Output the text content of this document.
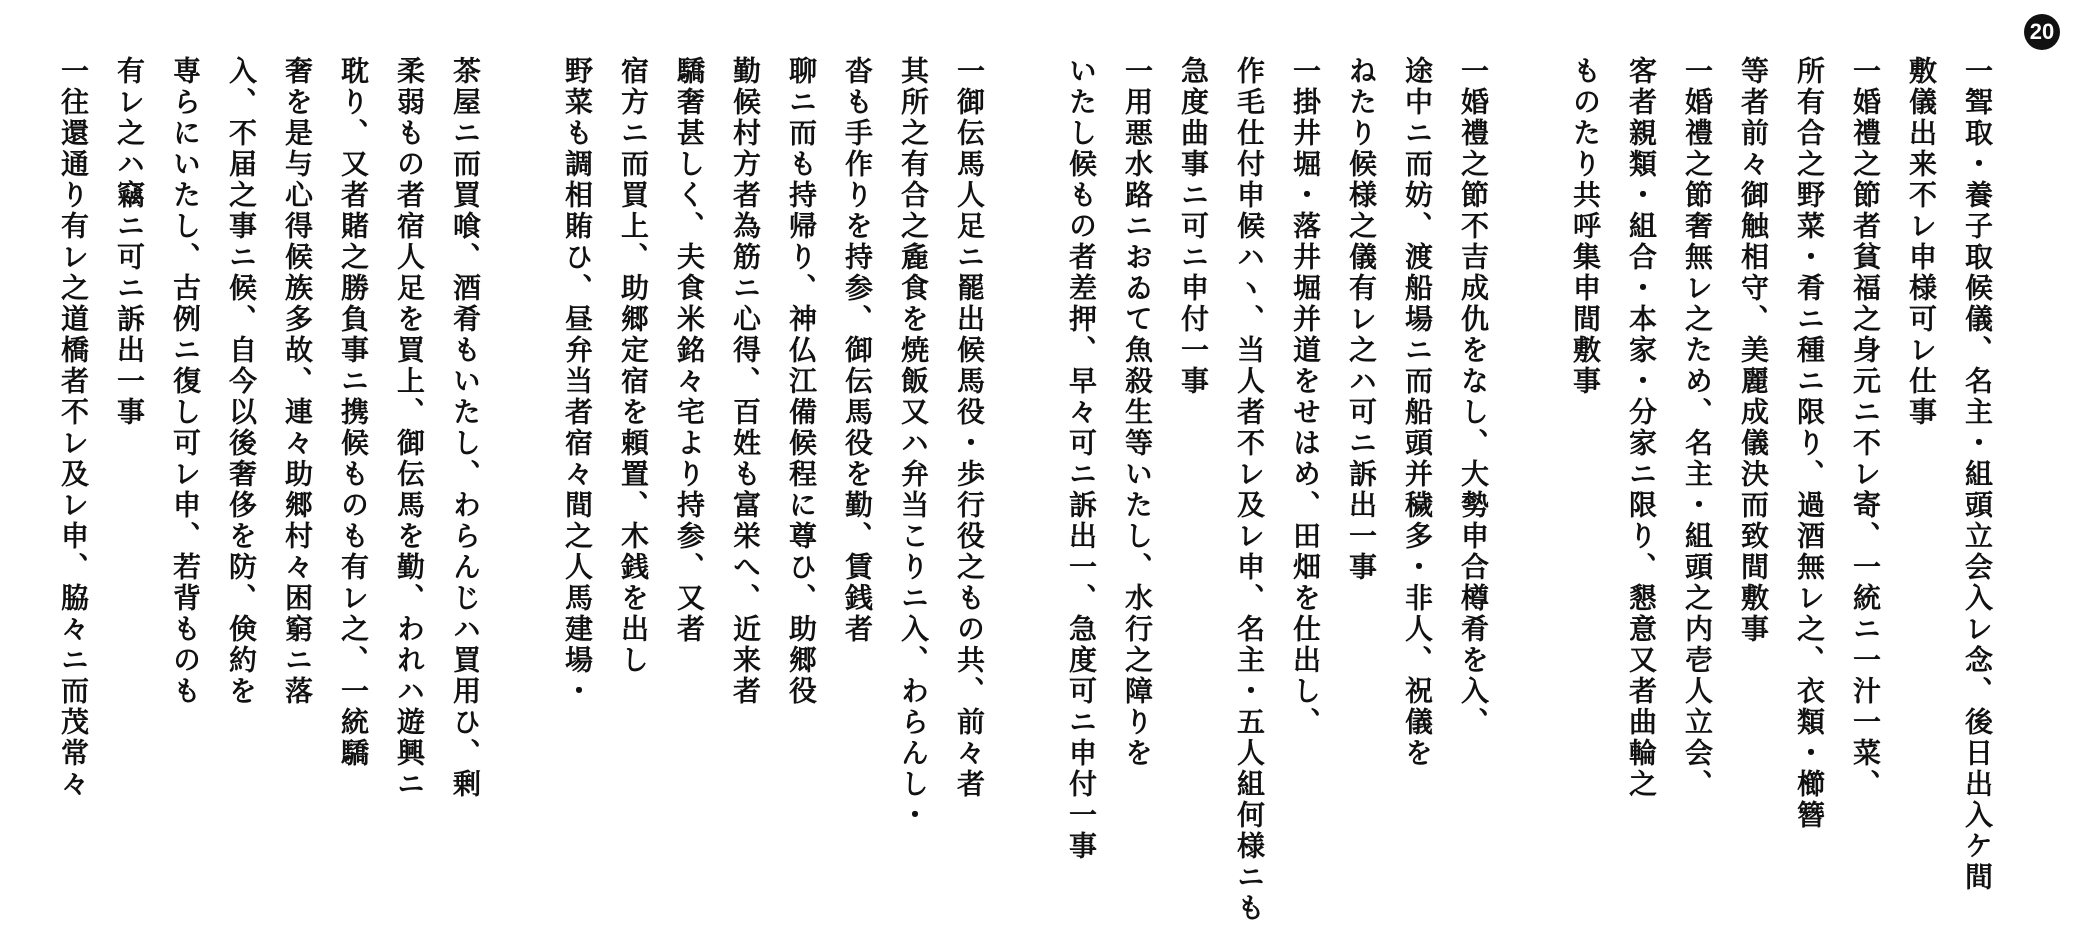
20
一聟取・養子取候儀、名主・組頭立会入レ念、後日出入ケ間
敷儀出来不レ申様可レ仕事
一婚禮之節者貧福之身元ニ不レ寄、一統ニ一汁一菜、
所有合之野菜・肴ニ種ニ限り、過酒無レ之、衣類・櫛簪
等者前々御触相守、美麗成儀決而致間敷事
一婚禮之節奢無レ之ため、名主・組頭之内壱人立会、
客者親類・組合・本家・分家ニ限り、懇意又者曲輪之
ものたり共呼集申間敷事
一婚禮之節不吉成仇をなし、大勢申合樽肴を入、
途中ニ而妨、渡船場ニ而船頭并穢多・非人、祝儀を
ねたり候様之儀有レ之ハ可ニ訴出一事
一掛井堀・落井堀并道をせはめ、田畑を仕出し、
作毛仕付申候ハヽ、当人者不レ及レ申、名主・五人組何様ニも
急度曲事ニ可ニ申付一事
一用悪水路ニおゐて魚殺生等いたし、水行之障りを
いたし候もの者差押、早々可ニ訴出一、急度可ニ申付一事
一御伝馬人足ニ罷出候馬役・歩行役之もの共、前々者
其所之有合之麁食を焼飯又ハ弁当こりニ入、わらんし・
沓も手作りを持参、御伝馬役を勤、賃銭者
聊ニ而も持帰り、神仏江備候程に尊ひ、助郷役
勤候村方者為筋ニ心得、百姓も富栄へ、近来者
驕奢甚しく、夫食米銘々宅より持参、又者
宿方ニ而買上、助郷定宿を頼置、木銭を出し
野菜も調相賄ひ、昼弁当者宿々間之人馬建場・
茶屋ニ而買喰、酒肴もいたし、わらんじハ買用ひ、剰
柔弱もの者宿人足を買上、御伝馬を勤、われハ遊興ニ
耽り、又者賭之勝負事ニ携候ものも有レ之、一統驕
奢を是与心得候族多故、連々助郷村々困窮ニ落
入、不届之事ニ候、自今以後奢侈を防、倹約を
専らにいたし、古例ニ復し可レ申、若背ものも
有レ之ハ竊ニ可ニ訴出一事
一往還通り有レ之道橋者不レ及レ申、脇々ニ而茂常々
